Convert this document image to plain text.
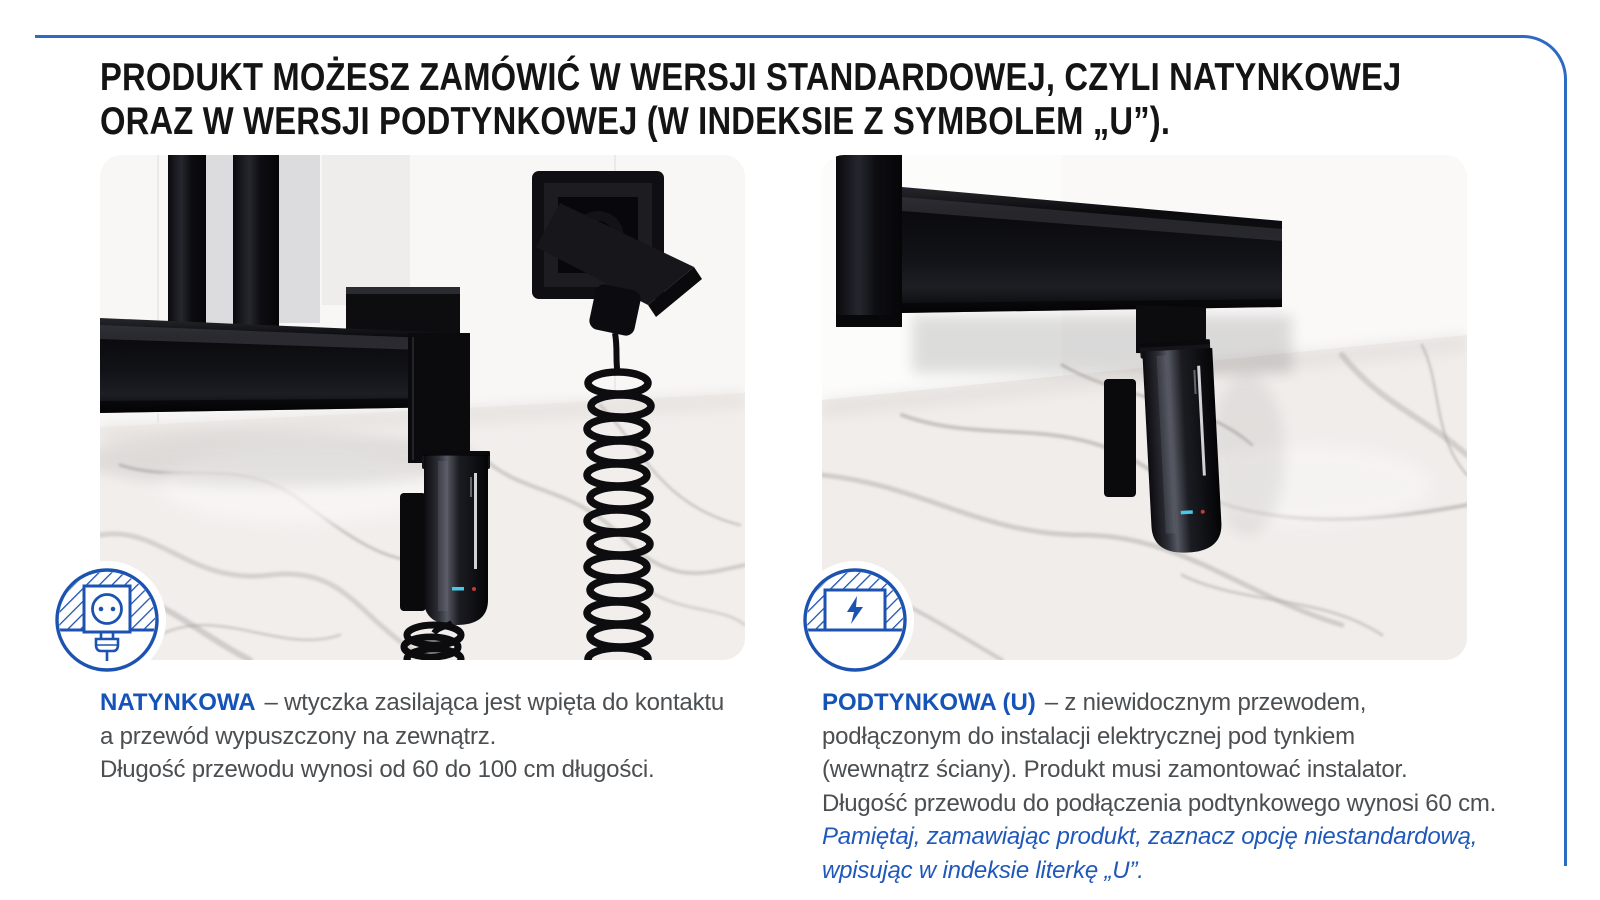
PRODUKT MOŻESZ ZAMÓWIĆ W WERSJI STANDARDOWEJ, CZYLI NATYNKOWEJ
ORAZ W WERSJI PODTYNKOWEJ (W INDEKSIE Z SYMBOLEM „U”).

NATYNKOWA – wtyczka zasilająca jest wpięta do kontaktu
a przewód wypuszczony na zewnątrz.
Długość przewodu wynosi od 60 do 100 cm długości.

PODTYNKOWA (U) – z niewidocznym przewodem,
podłączonym do instalacji elektrycznej pod tynkiem
(wewnątrz ściany). Produkt musi zamontować instalator.
Długość przewodu do podłączenia podtynkowego wynosi 60 cm.
Pamiętaj, zamawiając produkt, zaznacz opcję niestandardową,
wpisując w indeksie literkę „U”.
